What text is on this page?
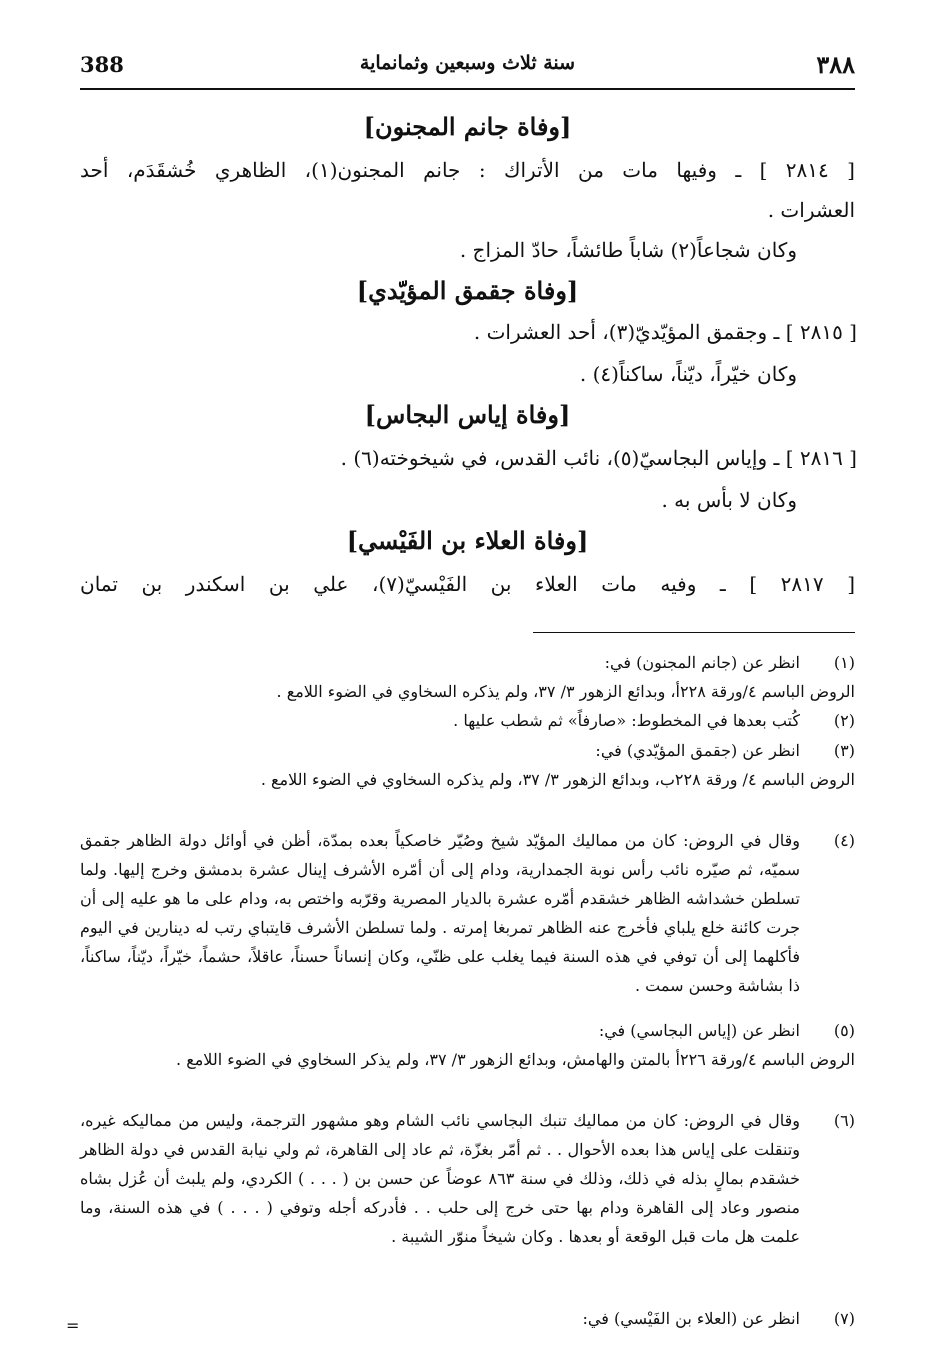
388	سنة ثلاث وسبعين وثمانماية	٣٨٨
[وفاة جانم المجنون]
[ ٢٨١٤ ] ـ وفيها مات من الأتراك : جانم المجنون(١)، الظاهري خُشقَدَم، أحد
العشرات .
وكان شجاعاً(٢) شاباً طائشاً، حادّ المزاج .
[وفاة جقمق المؤيّدي]
[ ٢٨١٥ ] ـ وجقمق المؤيّديّ(٣)، أحد العشرات .
وكان خيّراً، ديّناً، ساكناً(٤) .
[وفاة إياس البجاس]
[ ٢٨١٦ ] ـ وإياس البجاسيّ(٥)، نائب القدس، في شيخوخته(٦) .
وكان لا بأس به .
[وفاة العلاء بن الفَيْسي]
[ ٢٨١٧ ] ـ وفيه مات العلاء بن الفَيْسيّ(٧)، علي بن اسكندر بن تمان
(١)
انظر عن (جانم المجنون) في:
الروض الباسم ٤/ورقة ٢٢٨أ، وبدائع الزهور ٣/ ٣٧، ولم يذكره السخاوي في الضوء اللامع .
(٢)
كُتب بعدها في المخطوط: «صارفاً» ثم شطب عليها .
(٣)
انظر عن (جقمق المؤيّدي) في:
الروض الباسم ٤/ ورقة ٢٢٨ب، وبدائع الزهور ٣/ ٣٧، ولم يذكره السخاوي في الضوء اللامع .
(٤)
وقال في الروض: كان من مماليك المؤيّد شيخ وصُيّر خاصكياً بعده بمدّة، أظن في أوائل دولة الظاهر جقمق سميّه، ثم صيّره نائب رأس نوبة الجمدارية، ودام إلى أن أمّره الأشرف إينال عشرة بدمشق وخرج إليها. ولما تسلطن خشداشه الظاهر خشقدم أمّره عشرة بالديار المصرية وقرّبه واختص به، ودام على ما هو عليه إلى أن جرت كائنة خلع يلباي فأخرج عنه الظاهر تمربغا إمرته . ولما تسلطن الأشرف قايتباي رتب له دينارين في اليوم فأكلهما إلى أن توفي في هذه السنة فيما يغلب على ظنّي، وكان إنساناً حسناً، عاقلاً، حشماً، خيّراً، ديّناً، ساكناً، ذا بشاشة وحسن سمت .
(٥)
انظر عن (إياس البجاسي) في:
الروض الباسم ٤/ورقة ٢٢٦أ بالمتن والهامش، وبدائع الزهور ٣/ ٣٧، ولم يذكر السخاوي في الضوء اللامع .
(٦)
وقال في الروض: كان من مماليك تنبك البجاسي نائب الشام وهو مشهور الترجمة، وليس من مماليكه غيره، وتنقلت على إياس هذا بعده الأحوال . . ثم أمّر بغزّة، ثم عاد إلى القاهرة، ثم ولي نيابة القدس في دولة الظاهر خشقدم بمالٍ بذله في ذلك، وذلك في سنة ٨٦٣ عوضاً عن حسن بن ( . . . ) الكردي، ولم يلبث أن عُزل بشاه منصور وعاد إلى القاهرة ودام بها حتى خرج إلى حلب . . فأدركه أجله وتوفي ( . . . ) في هذه السنة، وما علمت هل مات قبل الوقعة أو بعدها . وكان شيخاً منوّر الشيبة .
(٧)
انظر عن (العلاء بن الفَيْسي) في:
=
